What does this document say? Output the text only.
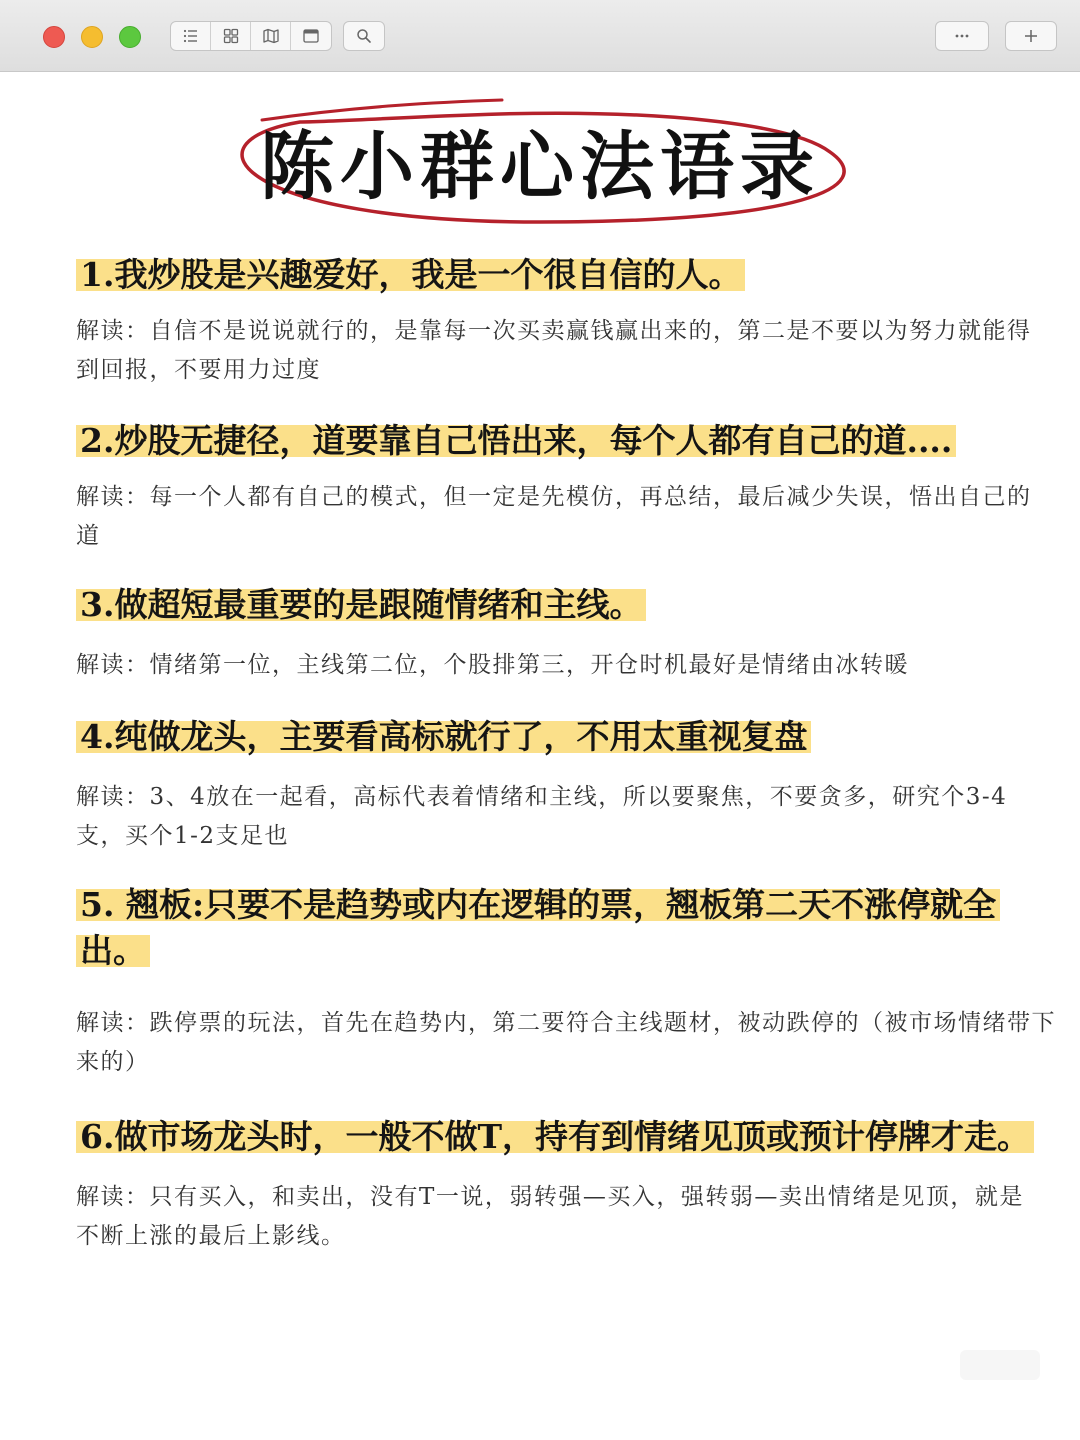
陈小群心法语录
1.我炒股是兴趣爱好，我是一个很自信的人。
解读：自信不是说说就行的，是靠每一次买卖赢钱赢出来的，第二是不要以为努力就能得到回报，不要用力过度
2.炒股无捷径，道要靠自己悟出来，每个人都有自己的道....
解读：每一个人都有自己的模式，但一定是先模仿，再总结，最后减少失误，悟出自己的道
3.做超短最重要的是跟随情绪和主线。
解读：情绪第一位，主线第二位，个股排第三，开仓时机最好是情绪由冰转暖
4.纯做龙头，主要看高标就行了，不用太重视复盘
解读：3、4放在一起看，高标代表着情绪和主线，所以要聚焦，不要贪多，研究个3-4支，买个1-2支足也
5. 翘板:只要不是趋势或内在逻辑的票，翘板第二天不涨停就全出。
解读：跌停票的玩法，首先在趋势内，第二要符合主线题材，被动跌停的（被市场情绪带下来的）
6.做市场龙头时，一般不做T，持有到情绪见顶或预计停牌才走。
解读：只有买入，和卖出，没有T一说，弱转强—买入，强转弱—卖出情绪是见顶，就是不断上涨的最后上影线。
